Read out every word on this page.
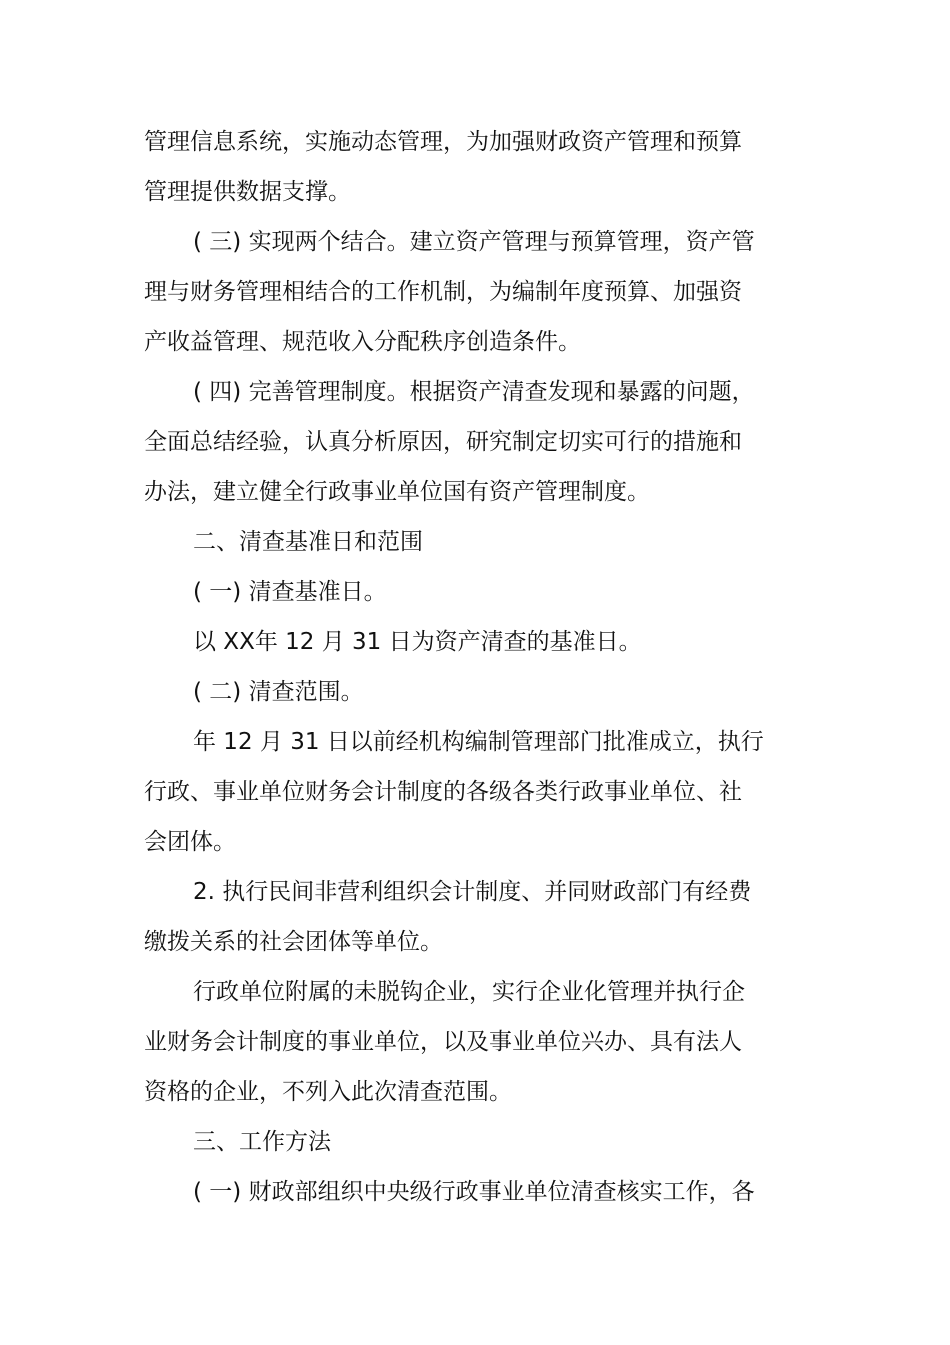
管理信息系统，实施动态管理，为加强财政资产管理和预算
管理提供数据支撑。
( 三) 实现两个结合。建立资产管理与预算管理，资产管
理与财务管理相结合的工作机制，为编制年度预算、加强资
产收益管理、规范收入分配秩序创造条件。
( 四) 完善管理制度。根据资产清查发现和暴露的问题，
全面总结经验，认真分析原因，研究制定切实可行的措施和
办法，建立健全行政事业单位国有资产管理制度。
二、清查基准日和范围
( 一) 清查基准日。
以 XX年 12 月 31 日为资产清查的基准日。
( 二) 清查范围。
年 12 月 31 日以前经机构编制管理部门批准成立，执行
行政、事业单位财务会计制度的各级各类行政事业单位、社
会团体。
2. 执行民间非营利组织会计制度、并同财政部门有经费
缴拨关系的社会团体等单位。
行政单位附属的未脱钩企业，实行企业化管理并执行企
业财务会计制度的事业单位，以及事业单位兴办、具有法人
资格的企业，不列入此次清查范围。
三、工作方法
( 一) 财政部组织中央级行政事业单位清查核实工作，各
